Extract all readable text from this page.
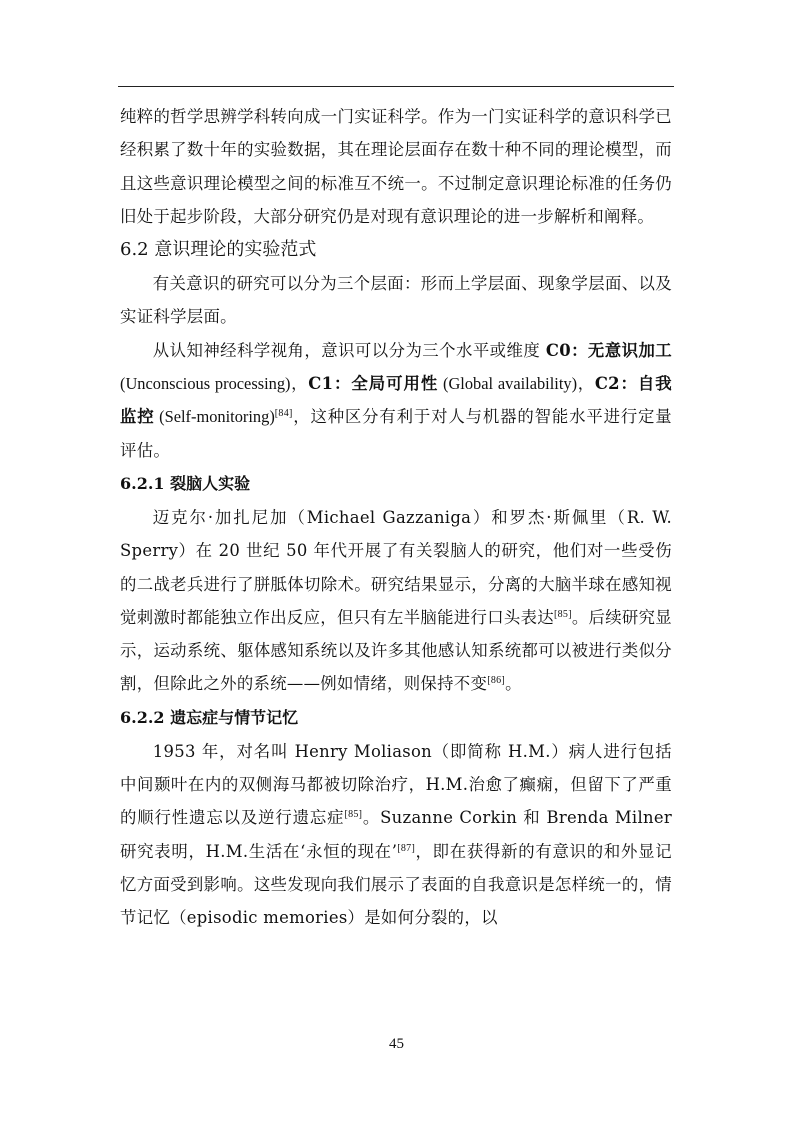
纯粹的哲学思辨学科转向成一门实证科学。作为一门实证科学的意识科学已经积累了数十年的实验数据，其在理论层面存在数十种不同的理论模型，而且这些意识理论模型之间的标准互不统一。不过制定意识理论标准的任务仍旧处于起步阶段，大部分研究仍是对现有意识理论的进一步解析和阐释。

6.2 意识理论的实验范式

有关意识的研究可以分为三个层面：形而上学层面、现象学层面、以及实证科学层面。

从认知神经科学视角，意识可以分为三个水平或维度 C0：无意识加工 (Unconscious processing)，C1：全局可用性 (Global availability)，C2：自我监控 (Self-monitoring)[84]，这种区分有利于对人与机器的智能水平进行定量评估。

6.2.1 裂脑人实验

迈克尔·加扎尼加（Michael Gazzaniga）和罗杰·斯佩里（R. W. Sperry）在 20 世纪 50 年代开展了有关裂脑人的研究，他们对一些受伤的二战老兵进行了胼胝体切除术。研究结果显示，分离的大脑半球在感知视觉刺激时都能独立作出反应，但只有左半脑能进行口头表达[85]。后续研究显示，运动系统、躯体感知系统以及许多其他感认知系统都可以被进行类似分割，但除此之外的系统——例如情绪，则保持不变[86]。

6.2.2 遗忘症与情节记忆

1953 年，对名叫 Henry Moliason（即简称 H.M.）病人进行包括中间颞叶在内的双侧海马都被切除治疗，H.M.治愈了癫痫，但留下了严重的顺行性遗忘以及逆行遗忘症[85]。Suzanne Corkin 和 Brenda Milner 研究表明，H.M.生活在‘永恒的现在’[87]，即在获得新的有意识的和外显记忆方面受到影响。这些发现向我们展示了表面的自我意识是怎样统一的，情节记忆（episodic memories）是如何分裂的，以

45
